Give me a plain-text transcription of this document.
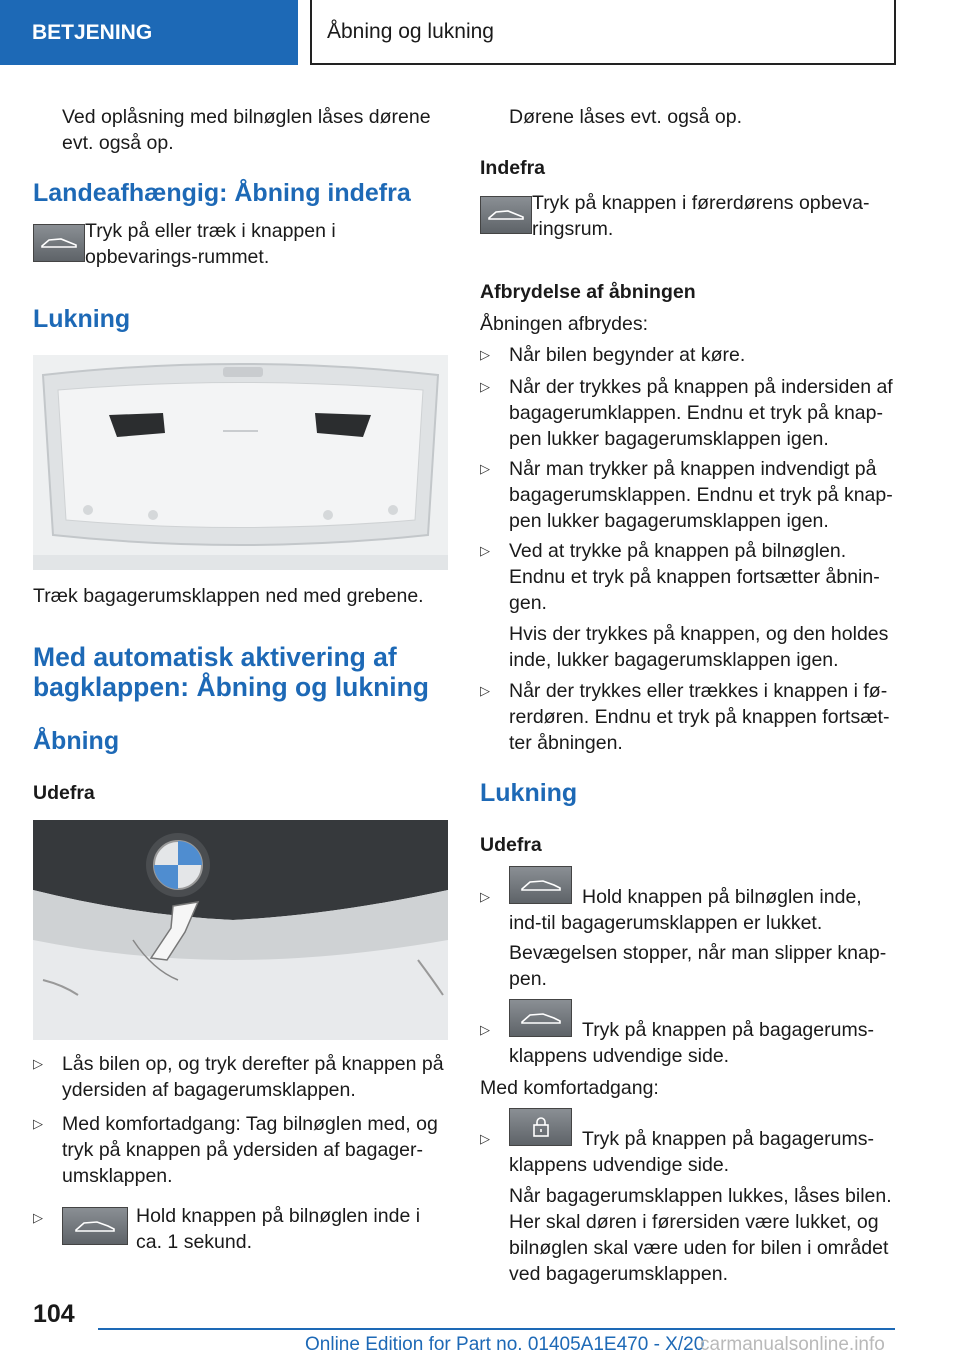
BETJENING	Åbning og lukning
Ved oplåsning med bilnøglen låses dørene evt. også op.
Landeafhængig: Åbning indefra
Tryk på eller træk i knappen i opbevarings-rummet.
Lukning
Træk bagagerumsklappen ned med grebene.
Med automatisk aktivering af
bagklappen: Åbning og lukning
Åbning
Udefra
▷ Lås bilen op, og tryk derefter på knappen på ydersiden af bagagerumsklappen.
▷ Med komfortadgang: Tag bilnøglen med, og tryk på knappen på ydersiden af bagager-umsklappen.
▷	Hold knappen på bilnøglen inde i ca. 1 sekund.
Dørene låses evt. også op.
Indefra
Tryk på knappen i førerdørens opbeva-ringsrum.
Afbrydelse af åbningen
Åbningen afbrydes:
▷ Når bilen begynder at køre.
▷ Når der trykkes på knappen på indersiden af bagagerumklappen. Endnu et tryk på knap-pen lukker bagagerumsklappen igen.
▷ Når man trykker på knappen indvendigt på bagagerumsklappen. Endnu et tryk på knap-pen lukker bagagerumsklappen igen.
▷ Ved at trykke på knappen på bilnøglen. Endnu et tryk på knappen fortsætter åbnin-gen.
Hvis der trykkes på knappen, og den holdes inde, lukker bagagerumsklappen igen.
▷ Når der trykkes eller trækkes i knappen i fø-rerdøren. Endnu et tryk på knappen fortsæt-ter åbningen.
Lukning
Udefra
▷	Hold knappen på bilnøglen inde, ind-til bagagerumsklappen er lukket.
Bevægelsen stopper, når man slipper knap-pen.
▷	Tryk på knappen på bagagerums-klappens udvendige side.
Med komfortadgang:
▷	Tryk på knappen på bagagerums-klappens udvendige side.
Når bagagerumsklappen lukkes, låses bilen. Her skal døren i førersiden være lukket, og bilnøglen skal være uden for bilen i området ved bagagerumsklappen.
104
Online Edition for Part no. 01405A1E470 - X/20
carmanualsonline.info
